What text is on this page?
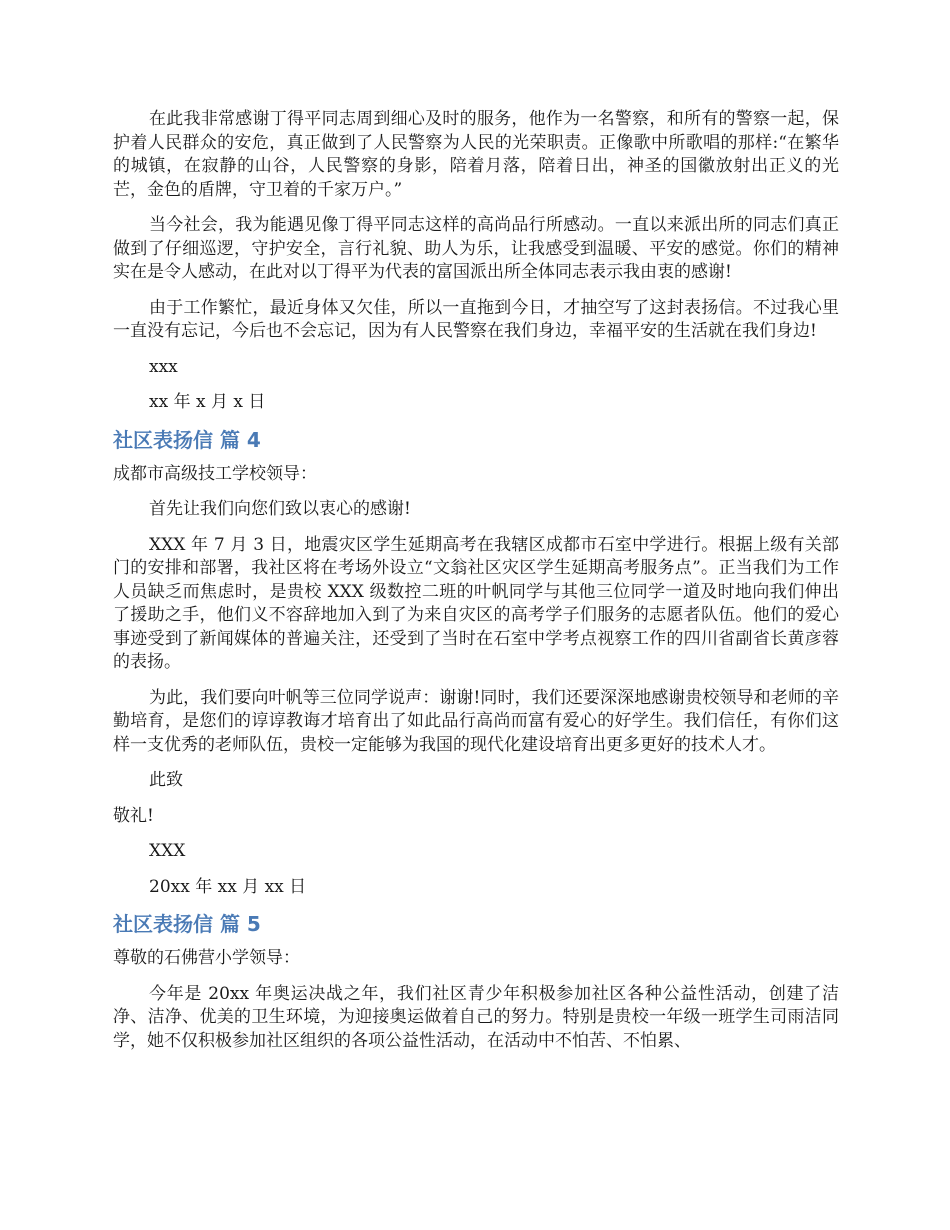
在此我非常感谢丁得平同志周到细心及时的服务，他作为一名警察，和所有的警察一起，保护着人民群众的安危，真正做到了人民警察为人民的光荣职责。正像歌中所歌唱的那样:“在繁华的城镇，在寂静的山谷，人民警察的身影，陪着月落，陪着日出，神圣的国徽放射出正义的光芒，金色的盾牌，守卫着的千家万户。”

当今社会，我为能遇见像丁得平同志这样的高尚品行所感动。一直以来派出所的同志们真正做到了仔细巡逻，守护安全，言行礼貌、助人为乐，让我感受到温暖、平安的感觉。你们的精神实在是令人感动，在此对以丁得平为代表的富国派出所全体同志表示我由衷的感谢!

由于工作繁忙，最近身体又欠佳，所以一直拖到今日，才抽空写了这封表扬信。不过我心里一直没有忘记，今后也不会忘记，因为有人民警察在我们身边，幸福平安的生活就在我们身边!

xxx

xx 年 x 月 x 日

社区表扬信 篇 4

成都市高级技工学校领导：

首先让我们向您们致以衷心的感谢!

XXX 年 7 月 3 日，地震灾区学生延期高考在我辖区成都市石室中学进行。根据上级有关部门的安排和部署，我社区将在考场外设立“文翁社区灾区学生延期高考服务点”。正当我们为工作人员缺乏而焦虑时，是贵校 XXX 级数控二班的叶帆同学与其他三位同学一道及时地向我们伸出了援助之手，他们义不容辞地加入到了为来自灾区的高考学子们服务的志愿者队伍。他们的爱心事迹受到了新闻媒体的普遍关注，还受到了当时在石室中学考点视察工作的四川省副省长黄彦蓉的表扬。

为此，我们要向叶帆等三位同学说声：谢谢!同时，我们还要深深地感谢贵校领导和老师的辛勤培育，是您们的谆谆教诲才培育出了如此品行高尚而富有爱心的好学生。我们信任，有你们这样一支优秀的老师队伍，贵校一定能够为我国的现代化建设培育出更多更好的技术人才。

此致

敬礼!

XXX

20xx 年 xx 月 xx 日

社区表扬信 篇 5

尊敬的石佛营小学领导：

今年是 20xx 年奥运决战之年，我们社区青少年积极参加社区各种公益性活动，创建了洁净、洁净、优美的卫生环境，为迎接奥运做着自己的努力。特别是贵校一年级一班学生司雨洁同学，她不仅积极参加社区组织的各项公益性活动，在活动中不怕苦、不怕累、
